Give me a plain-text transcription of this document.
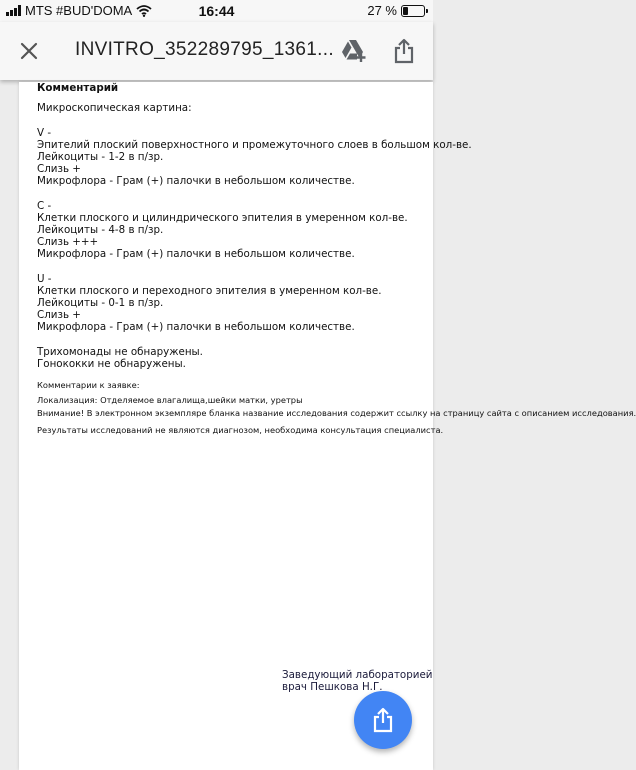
MTS #BUD'DOMA	16:44	27 %
INVITRO_352289795_1361...

Комментарий

Микроскопическая картина:

V -

Эпителий плоский поверхностного и промежуточного слоев в большом кол-ве.

Лейкоциты - 1-2 в п/зр.

Слизь +

Микрофлора - Грам (+) палочки в небольшом количестве.

C -

Клетки плоского и цилиндрического эпителия в умеренном кол-ве.

Лейкоциты - 4-8 в п/зр.

Слизь +++

Микрофлора - Грам (+) палочки в небольшом количестве.

U -

Клетки плоского и переходного эпителия в умеренном кол-ве.

Лейкоциты - 0-1 в п/зр.

Слизь +

Микрофлора - Грам (+) палочки в небольшом количестве.

Трихомонады не обнаружены.

Гонококки не обнаружены.

Комментарии к заявке:

Локализация: Отделяемое влагалища,шейки матки, уретры

Внимание! В электронном экземпляре бланка название исследования содержит ссылку на страницу сайта с описанием исследования.

Результаты исследований не являются диагнозом, необходима консультация специалиста.

Заведующий лабораторией

врач Пешкова Н.Г.
